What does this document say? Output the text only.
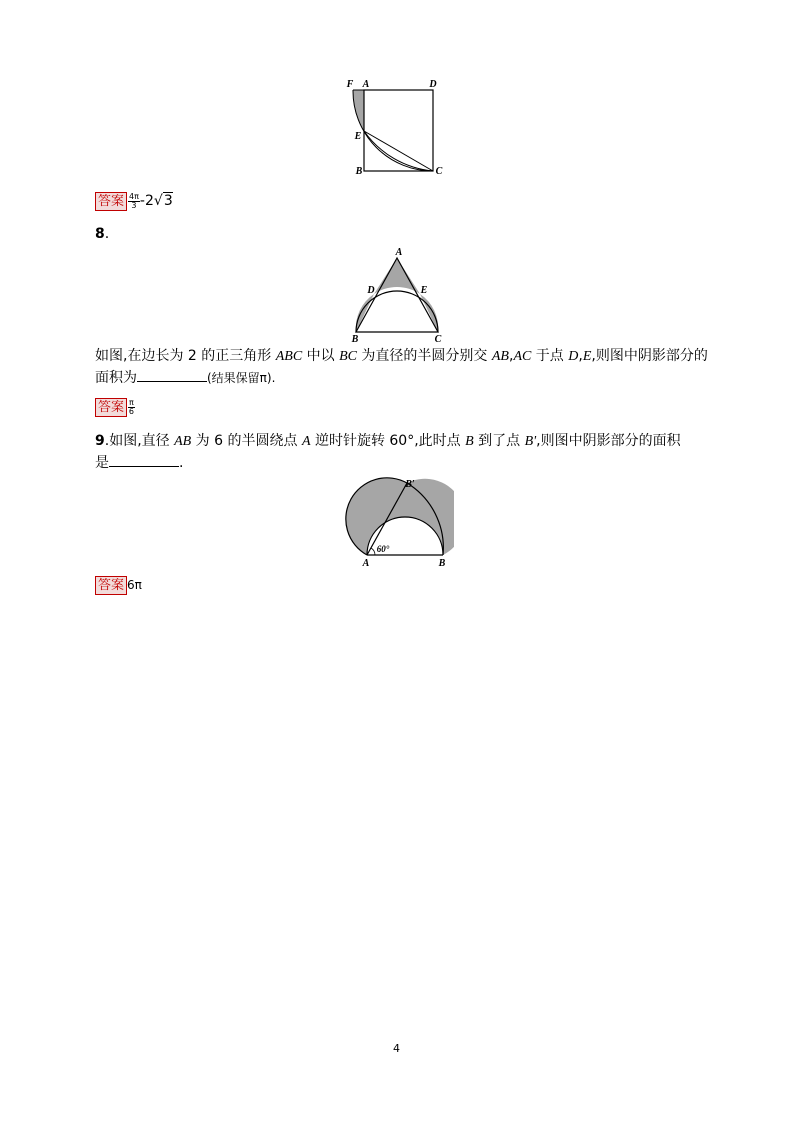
F A	D
E
B	C
答案 $\frac{4\pi}{3} -2√3$
8.
A
D	E
B	C
如图,在边长为 2 的正三角形 ABC 中以 BC 为直径的半圆分别交 AB,AC 于点 D,E,则图中阴影部分的
面积为	(结果保留π).
答案 $\frac{\pi}{6}$
9.如图,直径 AB 为 6 的半圆绕点 A 逆时针旋转 60°,此时点 B 到了点 B',则图中阴影部分的面积
是	.
B′
60°
A	B
答案 6π
4
